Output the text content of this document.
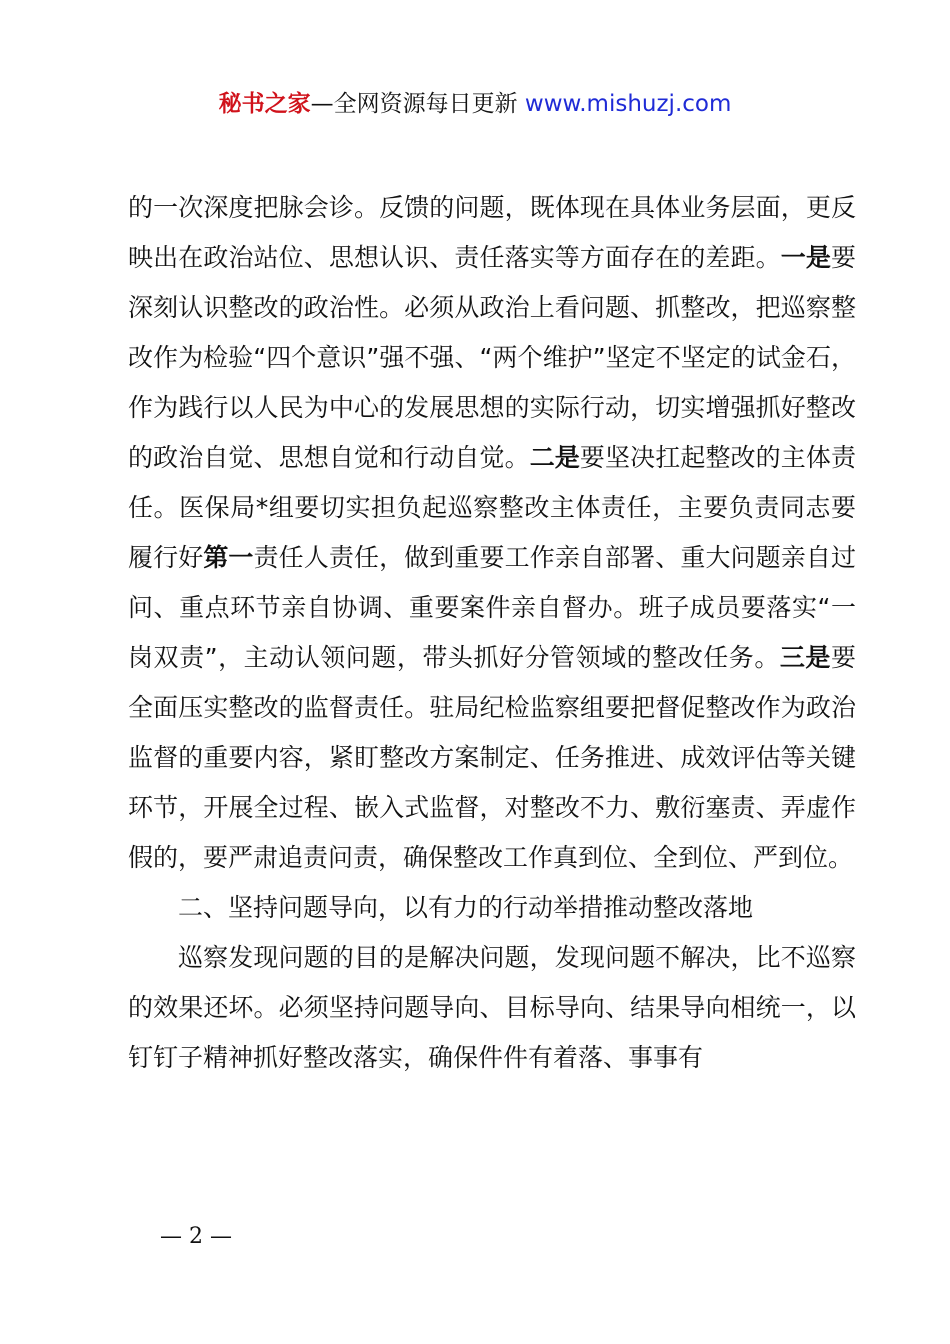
秘书之家—全网资源每日更新 www.mishuzj.com

的一次深度把脉会诊。反馈的问题，既体现在具体业务层面，更反映出在政治站位、思想认识、责任落实等方面存在的差距。一是要深刻认识整改的政治性。必须从政治上看问题、抓整改，把巡察整改作为检验“四个意识”强不强、“两个维护”坚定不坚定的试金石，作为践行以人民为中心的发展思想的实际行动，切实增强抓好整改的政治自觉、思想自觉和行动自觉。二是要坚决扛起整改的主体责任。医保局*组要切实担负起巡察整改主体责任，主要负责同志要履行好第一责任人责任，做到重要工作亲自部署、重大问题亲自过问、重点环节亲自协调、重要案件亲自督办。班子成员要落实“一岗双责”，主动认领问题，带头抓好分管领域的整改任务。三是要全面压实整改的监督责任。驻局纪检监察组要把督促整改作为政治监督的重要内容，紧盯整改方案制定、任务推进、成效评估等关键环节，开展全过程、嵌入式监督，对整改不力、敷衍塞责、弄虚作假的，要严肃追责问责，确保整改工作真到位、全到位、严到位。

二、坚持问题导向，以有力的行动举措推动整改落地

巡察发现问题的目的是解决问题，发现问题不解决，比不巡察的效果还坏。必须坚持问题导向、目标导向、结果导向相统一，以钉钉子精神抓好整改落实，确保件件有着落、事事有

— 2 —
